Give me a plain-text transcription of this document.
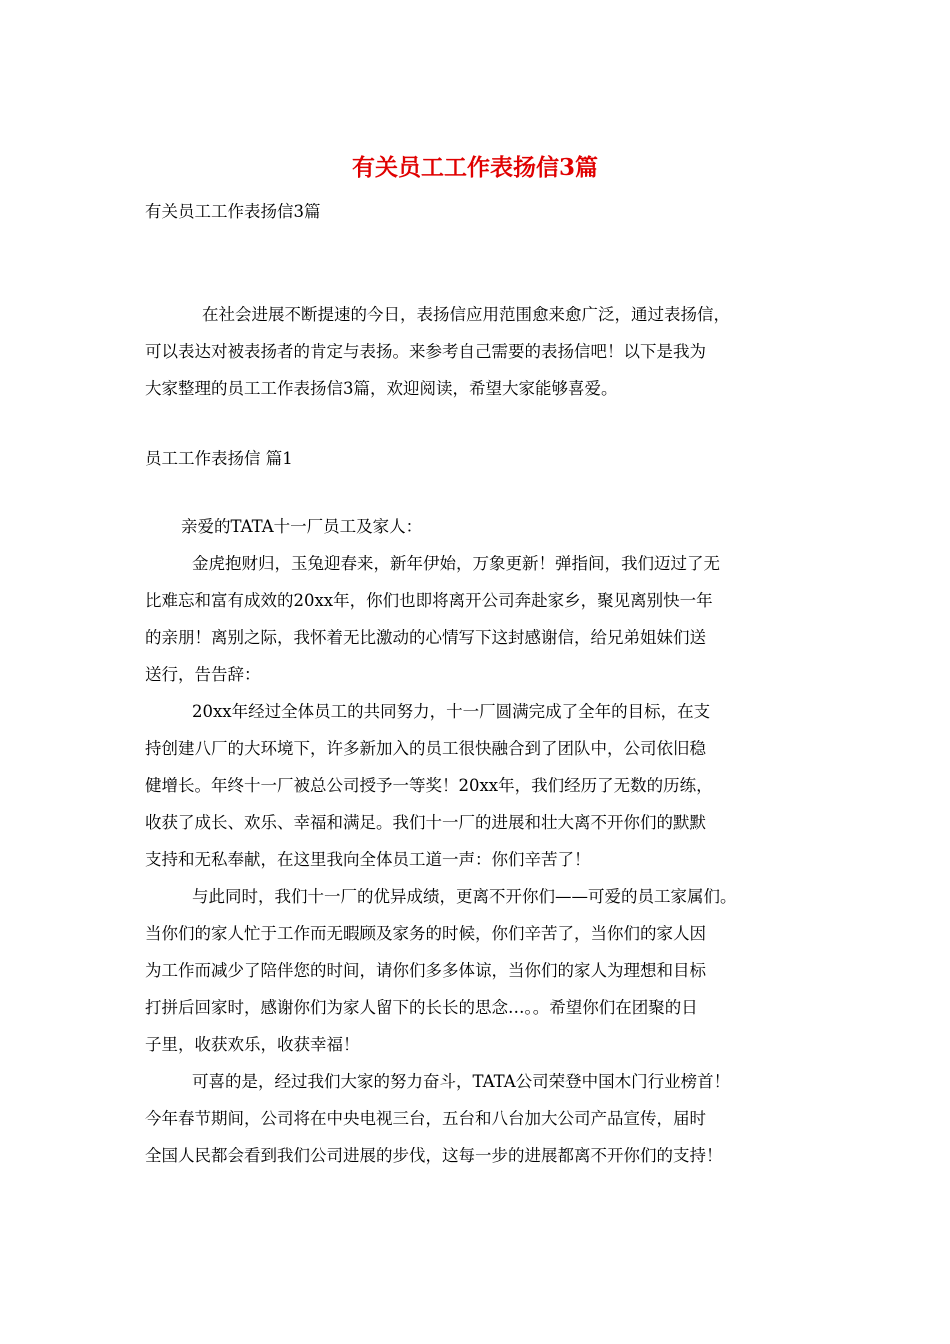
有关员工工作表扬信3篇
有关员工工作表扬信3篇
在社会进展不断提速的今日，表扬信应用范围愈来愈广泛，通过表扬信，
可以表达对被表扬者的肯定与表扬。来参考自己需要的表扬信吧！以下是我为
大家整理的员工工作表扬信3篇，欢迎阅读，希望大家能够喜爱。
员工工作表扬信 篇1
亲爱的TATA十一厂员工及家人：
金虎抱财归，玉兔迎春来，新年伊始，万象更新！弹指间，我们迈过了无
比难忘和富有成效的20xx年，你们也即将离开公司奔赴家乡，聚见离别快一年
的亲朋！离别之际，我怀着无比激动的心情写下这封感谢信，给兄弟姐妹们送
送行，告告辞：
20xx年经过全体员工的共同努力，十一厂圆满完成了全年的目标，在支
持创建八厂的大环境下，许多新加入的员工很快融合到了团队中，公司依旧稳
健增长。年终十一厂被总公司授予一等奖！20xx年，我们经历了无数的历练，
收获了成长、欢乐、幸福和满足。我们十一厂的进展和壮大离不开你们的默默
支持和无私奉献，在这里我向全体员工道一声：你们辛苦了！
与此同时，我们十一厂的优异成绩，更离不开你们——可爱的员工家属们。
当你们的家人忙于工作而无暇顾及家务的时候，你们辛苦了，当你们的家人因
为工作而减少了陪伴您的时间，请你们多多体谅，当你们的家人为理想和目标
打拼后回家时，感谢你们为家人留下的长长的思念…。。希望你们在团聚的日
子里，收获欢乐，收获幸福！
可喜的是，经过我们大家的努力奋斗，TATA公司荣登中国木门行业榜首！
今年春节期间，公司将在中央电视三台，五台和八台加大公司产品宣传，届时
全国人民都会看到我们公司进展的步伐，这每一步的进展都离不开你们的支持！
